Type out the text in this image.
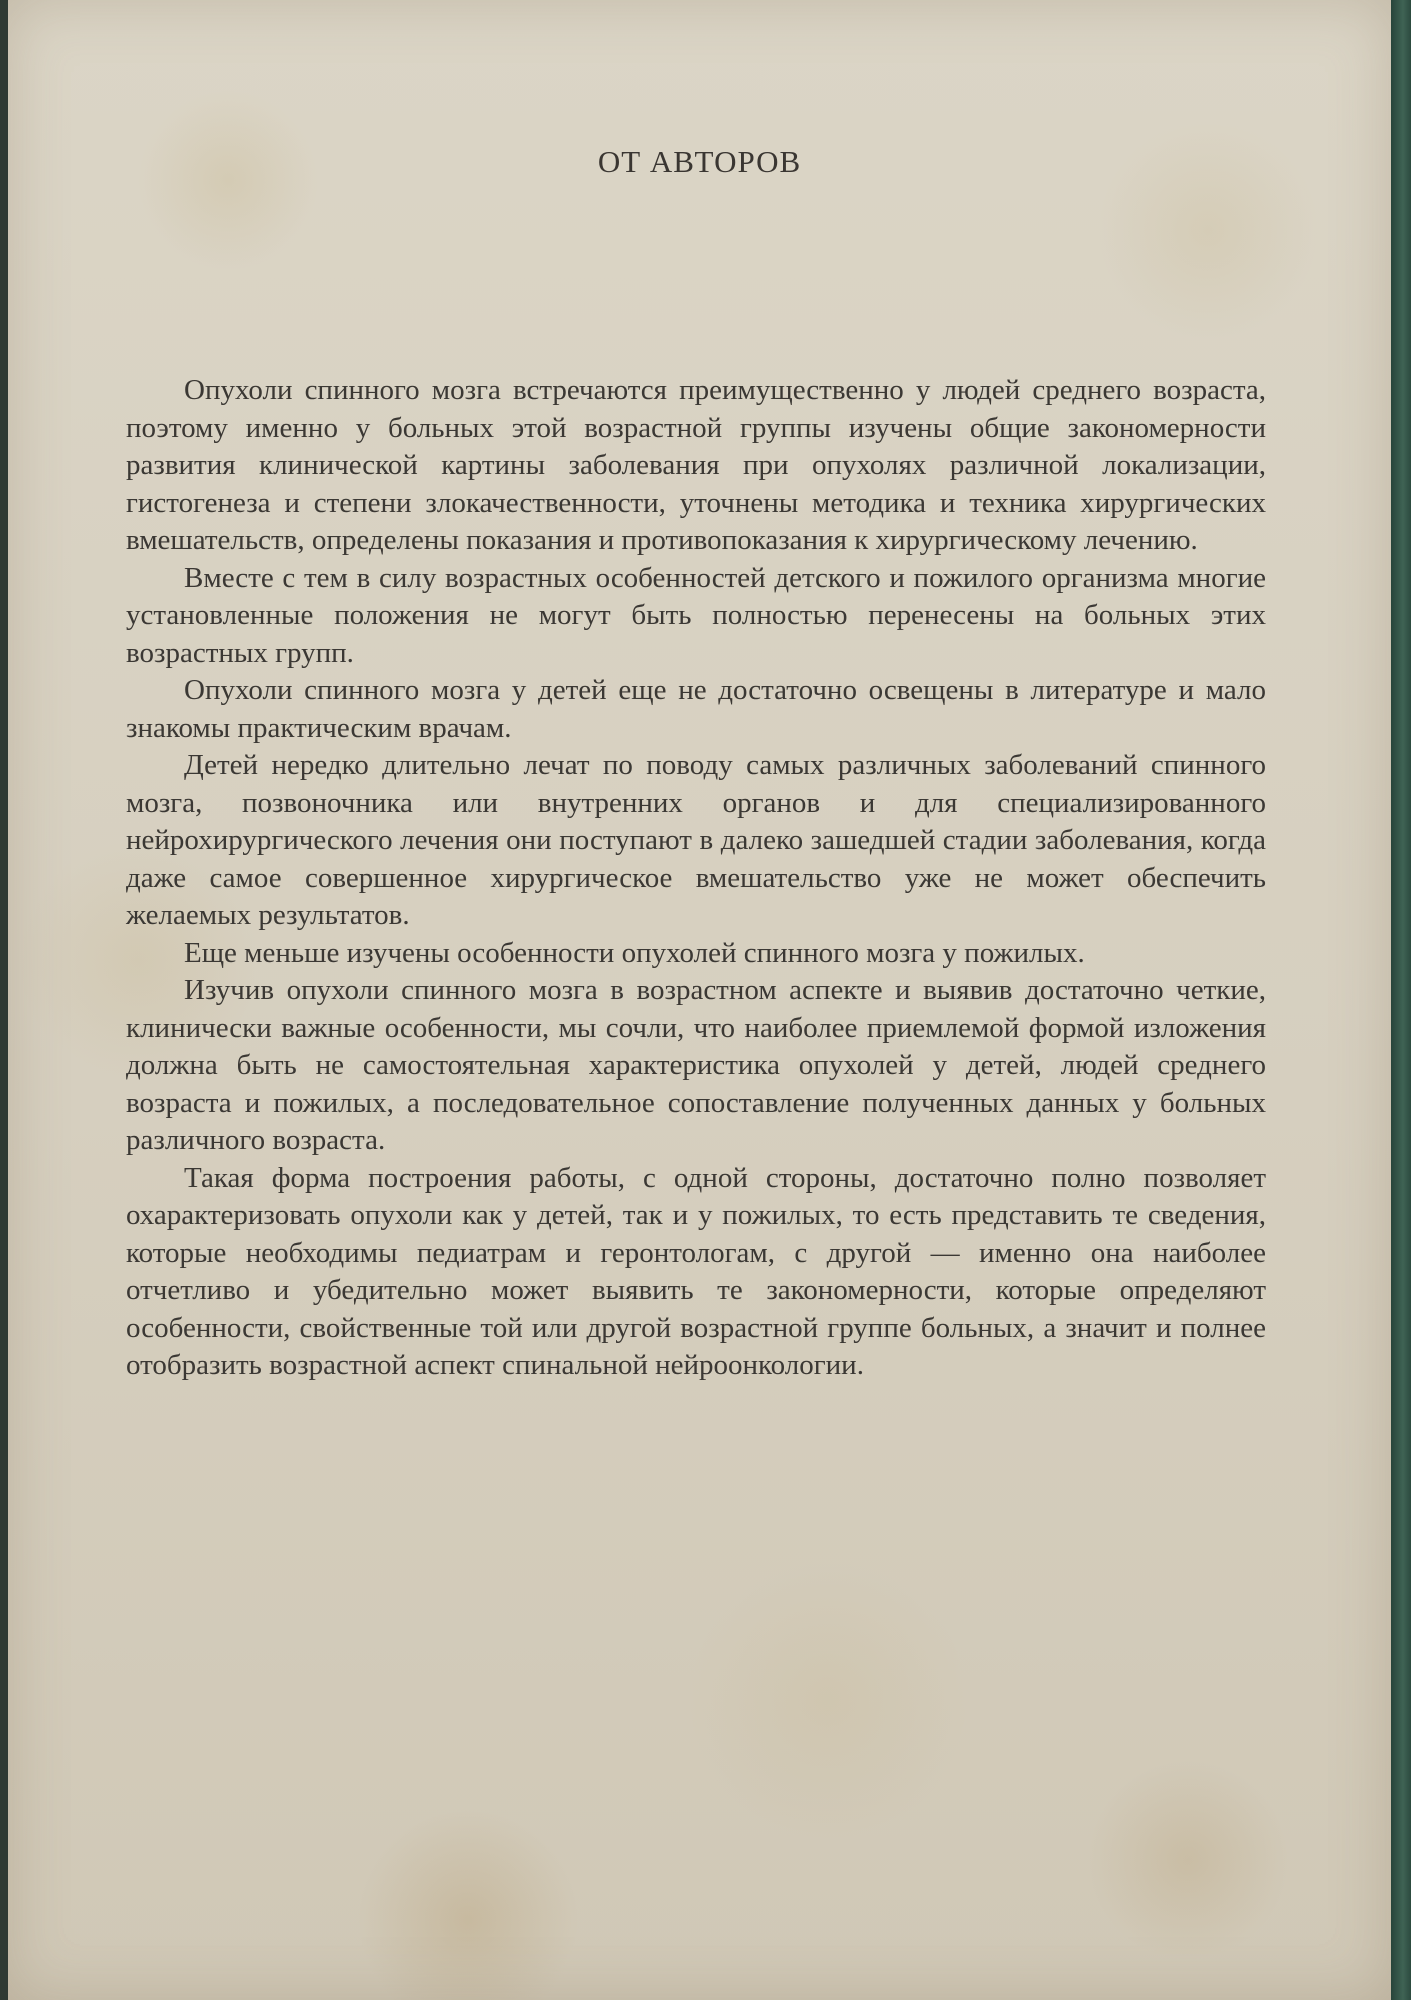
ОТ АВТОРОВ

Опухоли спинного мозга встречаются преимущественно у людей среднего возраста, поэтому именно у больных этой возрастной группы изучены общие закономерности развития клинической картины заболевания при опухолях различной локализации, гистогенеза и степени злокачественности, уточнены методика и техника хирургических вмешательств, определены показания и противопоказания к хирургическому лечению.

Вместе с тем в силу возрастных особенностей детского и пожилого организма многие установленные положения не могут быть полностью перенесены на больных этих возрастных групп.

Опухоли спинного мозга у детей еще не достаточно освещены в литературе и мало знакомы практическим врачам.

Детей нередко длительно лечат по поводу самых различных заболеваний спинного мозга, позвоночника или внутренних органов и для специализированного нейрохирургического лечения они поступают в далеко зашедшей стадии заболевания, когда даже самое совершенное хирургическое вмешательство уже не может обеспечить желаемых результатов.

Еще меньше изучены особенности опухолей спинного мозга у пожилых.

Изучив опухоли спинного мозга в возрастном аспекте и выявив достаточно четкие, клинически важные особенности, мы сочли, что наиболее приемлемой формой изложения должна быть не самостоятельная характеристика опухолей у детей, людей среднего возраста и пожилых, а последовательное сопоставление полученных данных у больных различного возраста.

Такая форма построения работы, с одной стороны, достаточно полно позволяет охарактеризовать опухоли как у детей, так и у пожилых, то есть представить те сведения, которые необходимы педиатрам и геронтологам, с другой — именно она наиболее отчетливо и убедительно может выявить те закономерности, которые определяют особенности, свойственные той или другой возрастной группе больных, а значит и полнее отобразить возрастной аспект спинальной нейроонкологии.
